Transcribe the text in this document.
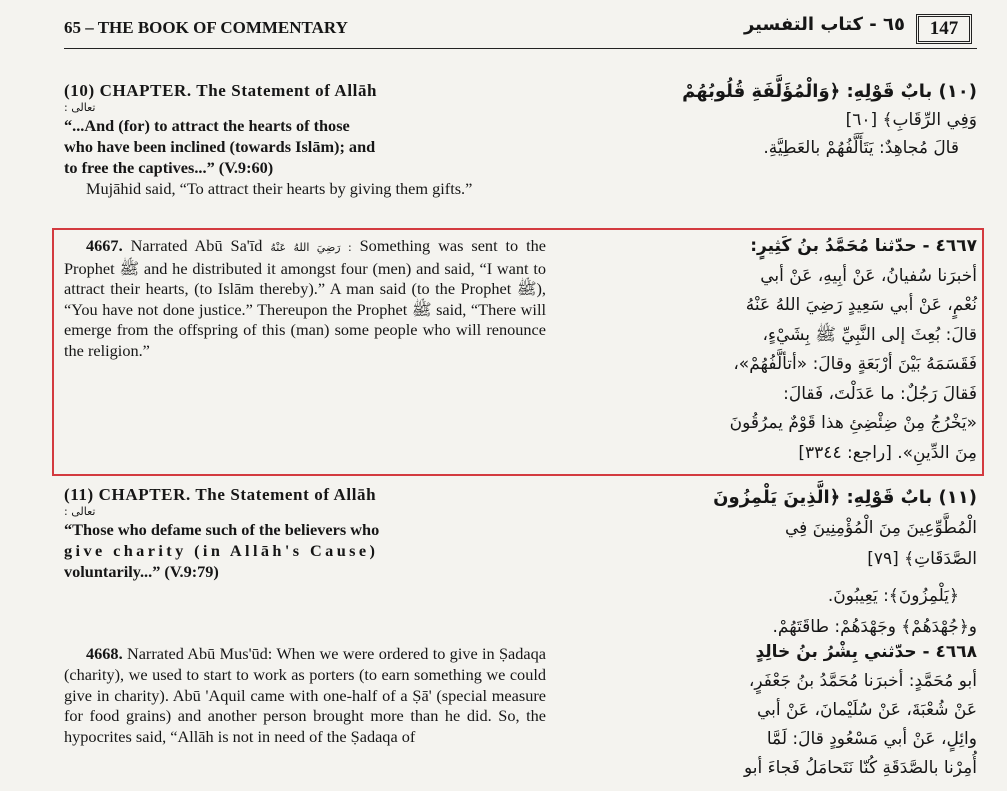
65 – THE BOOK OF COMMENTARY	٦٥ - كتاب التفسير	147
(10) CHAPTER. The Statement of Allāh
تعالى :
“...And (for) to attract the hearts of those
who have been inclined (towards Islām); and
to free the captives...” (V.9:60)
Mujāhid said, “To attract their hearts by giving them gifts.”
(١٠) بابٌ قَوْلِهِ: ﴿وَالْمُؤَلَّفَةِ قُلُوبُهُمْ
وَفِي الرِّقَابِ﴾ [٦٠]
قالَ مُجاهِدٌ: يَتَأَلَّفُهُمْ بالعَطِيَّةِ.
4667. Narrated Abū Sa'īd رَضِيَ اللهُ عَنْهُ : Something was sent to the Prophet ﷺ and he distributed it amongst four (men) and said, “I want to attract their hearts, (to Islām thereby).” A man said (to the Prophet ﷺ), “You have not done justice.” Thereupon the Prophet ﷺ said, “There will emerge from the offspring of this (man) some people who will renounce the religion.”
٤٦٦٧ - حدّثنا مُحَمَّدُ بنُ كَثِيرٍ:
أخبرَنا سُفيانُ، عَنْ أبِيهِ، عَنْ أبي
نُعْمٍ، عَنْ أبي سَعِيدٍ رَضِيَ اللهُ عَنْهُ
قالَ: بُعِثَ إلى النَّبِيِّ ﷺ بِشَيْءٍ،
فَقَسَمَهُ بَيْنَ أرْبَعَةٍ وقالَ: «أتألَّفُهُمْ»،
فَقالَ رَجُلٌ: ما عَدَلْتَ، فَقالَ:
«يَخْرُجُ مِنْ ضِئْضِئِ هذا قَوْمٌ يمرُقُونَ
مِنَ الدِّينِ». [راجع: ٣٣٤٤]
(11) CHAPTER. The Statement of Allāh
تعالى :
“Those who defame such of the believers who
give charity (in Allāh's Cause)
voluntarily...” (V.9:79)
(١١) بابٌ قَوْلِهِ: ﴿الَّذِينَ يَلْمِزُونَ
الْمُطَّوِّعِينَ مِنَ الْمُؤْمِنِينَ فِي
الصَّدَقَاتِ﴾ [٧٩]
﴿يَلْمِزُونَ﴾: يَعِيبُونَ.
و﴿جُهْدَهُمْ﴾ وجَهْدَهُمْ: طاقَتَهُمْ.
4668. Narrated Abū Mus'ūd: When we were ordered to give in Ṣadaqa (charity), we used to start to work as porters (to earn something we could give in charity). Abū 'Aquil came with one-half of a Ṣā' (special measure for food grains) and another person brought more than he did. So, the hypocrites said, “Allāh is not in need of the Ṣadaqa of
٤٦٦٨ - حدّثني بِشْرُ بنُ خالِدٍ
أبو مُحَمَّدٍ: أخبرَنا مُحَمَّدُ بنُ جَعْفَرٍ،
عَنْ شُعْبَةَ، عَنْ سُلَيْمانَ، عَنْ أبي
وائِلٍ، عَنْ أبي مَسْعُودٍ قالَ: لَمَّا
أُمِرْنا بالصَّدَقَةِ كُنّا نَتَحامَلُ فَجاءَ أبو
